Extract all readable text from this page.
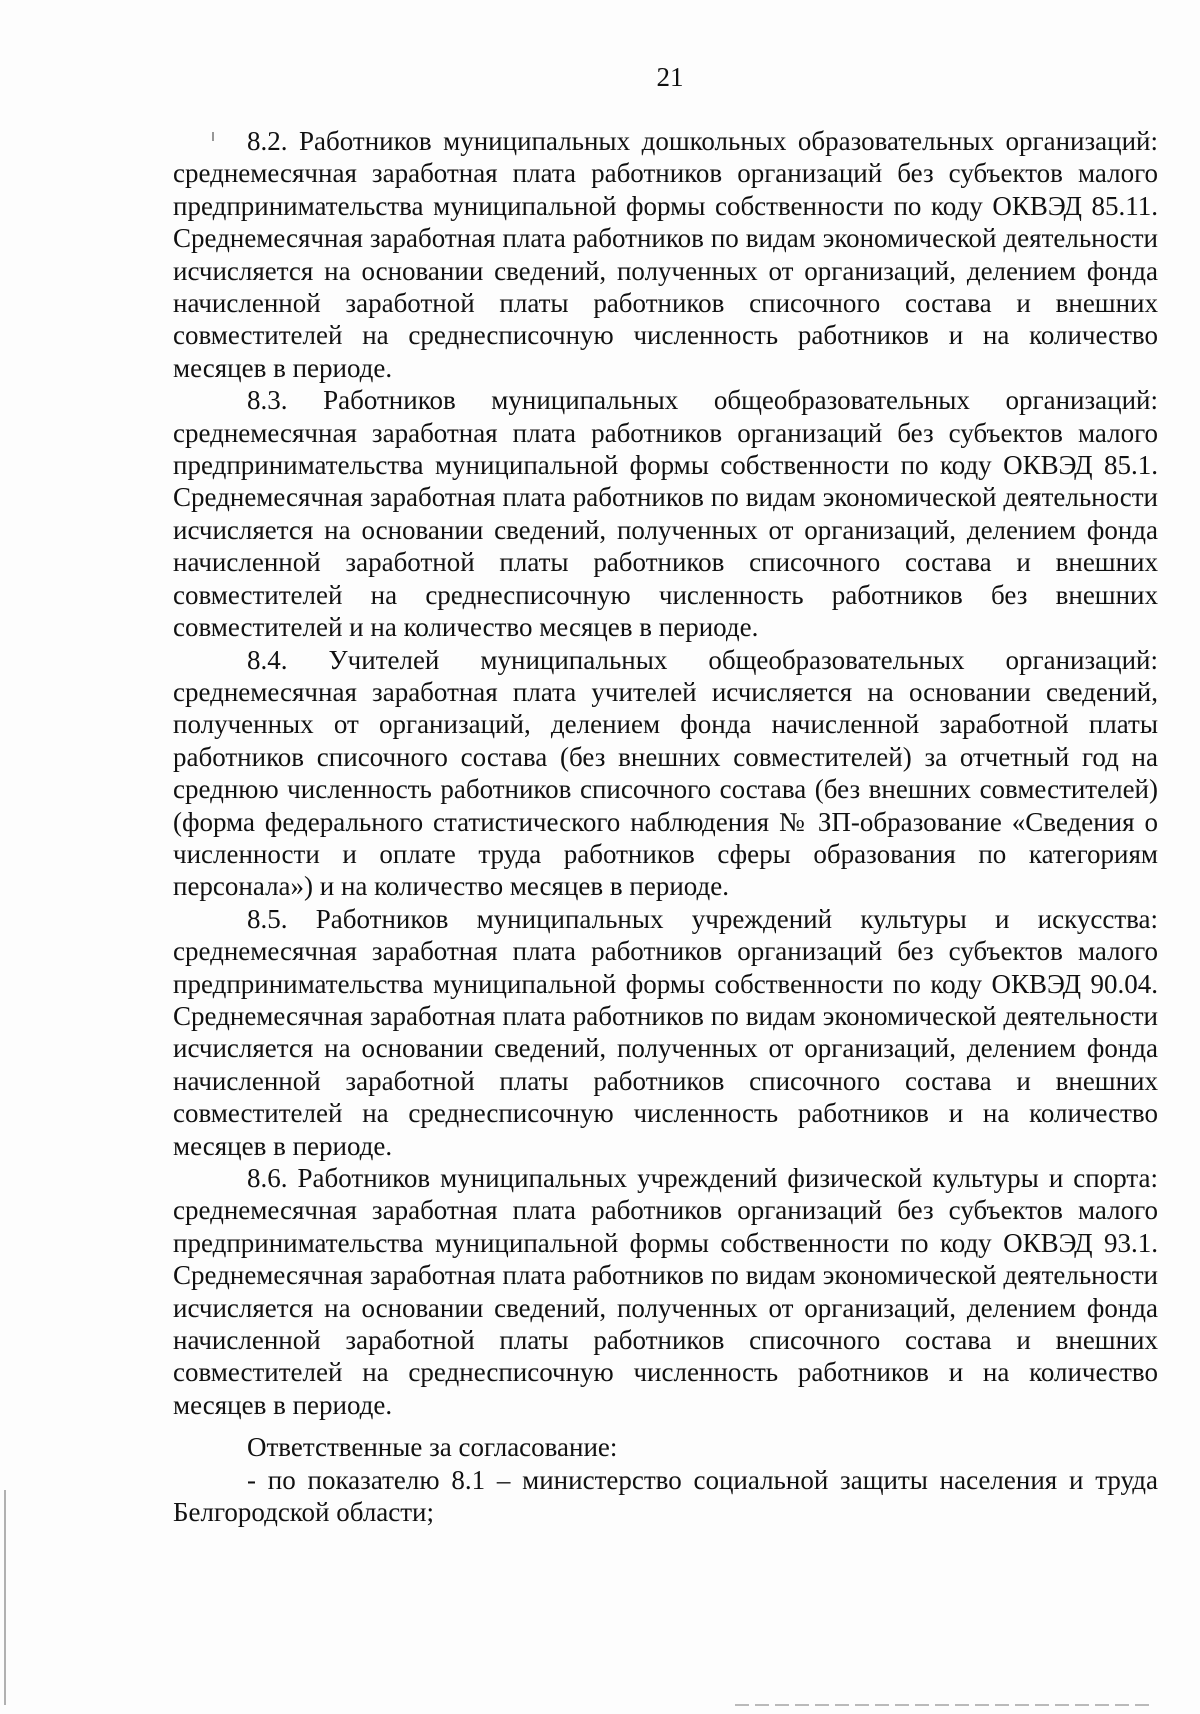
21

8.2. Работников муниципальных дошкольных образовательных организаций: среднемесячная заработная плата работников организаций без субъектов малого предпринимательства муниципальной формы собственности по коду ОКВЭД 85.11. Среднемесячная заработная плата работников по видам экономической деятельности исчисляется на основании сведений, полученных от организаций, делением фонда начисленной заработной платы работников списочного состава и внешних совместителей на среднесписочную численность работников и на количество месяцев в периоде.

8.3. Работников муниципальных общеобразовательных организаций: среднемесячная заработная плата работников организаций без субъектов малого предпринимательства муниципальной формы собственности по коду ОКВЭД 85.1. Среднемесячная заработная плата работников по видам экономической деятельности исчисляется на основании сведений, полученных от организаций, делением фонда начисленной заработной платы работников списочного состава и внешних совместителей на среднесписочную численность работников без внешних совместителей и на количество месяцев в периоде.

8.4. Учителей муниципальных общеобразовательных организаций: среднемесячная заработная плата учителей исчисляется на основании сведений, полученных от организаций, делением фонда начисленной заработной платы работников списочного состава (без внешних совместителей) за отчетный год на среднюю численность работников списочного состава (без внешних совместителей) (форма федерального статистического наблюдения № ЗП-образование «Сведения о численности и оплате труда работников сферы образования по категориям персонала») и на количество месяцев в периоде.

8.5. Работников муниципальных учреждений культуры и искусства: среднемесячная заработная плата работников организаций без субъектов малого предпринимательства муниципальной формы собственности по коду ОКВЭД 90.04. Среднемесячная заработная плата работников по видам экономической деятельности исчисляется на основании сведений, полученных от организаций, делением фонда начисленной заработной платы работников списочного состава и внешних совместителей на среднесписочную численность работников и на количество месяцев в периоде.

8.6. Работников муниципальных учреждений физической культуры и спорта: среднемесячная заработная плата работников организаций без субъектов малого предпринимательства муниципальной формы собственности по коду ОКВЭД 93.1. Среднемесячная заработная плата работников по видам экономической деятельности исчисляется на основании сведений, полученных от организаций, делением фонда начисленной заработной платы работников списочного состава и внешних совместителей на среднесписочную численность работников и на количество месяцев в периоде.

Ответственные за согласование:

- по показателю 8.1 – министерство социальной защиты населения и труда Белгородской области;
